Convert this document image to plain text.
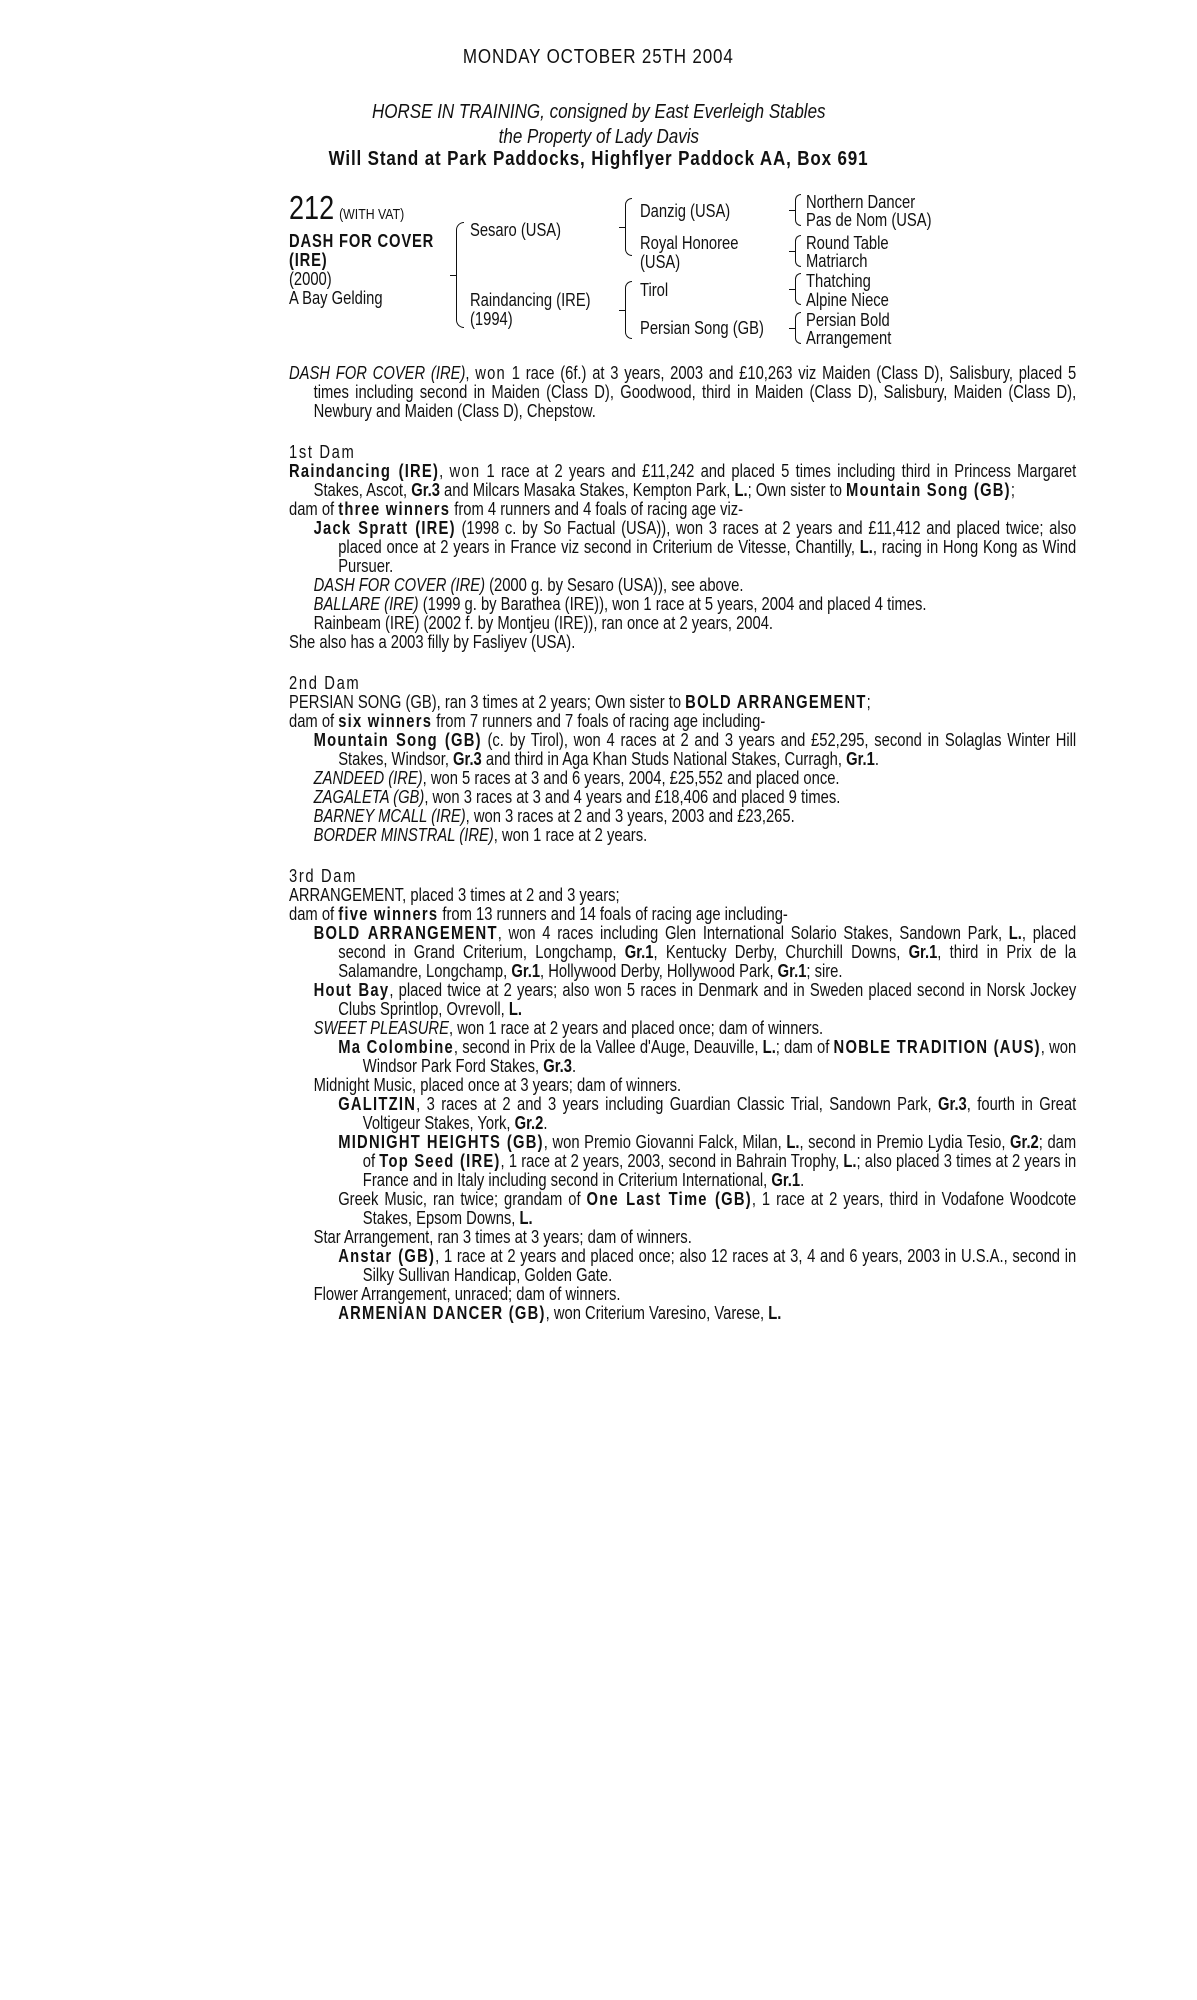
MONDAY OCTOBER 25TH 2004
HORSE IN TRAINING, consigned by East Everleigh Stables
the Property of Lady Davis
Will Stand at Park Paddocks, Highflyer Paddock AA, Box 691
212 (WITH VAT)
DASH FOR COVER
(IRE)
(2000)
A Bay Gelding
Sesaro (USA)
Raindancing (IRE)
(1994)
Danzig (USA)
Royal Honoree
(USA)
Tirol
Persian Song (GB)
Northern Dancer
Pas de Nom (USA)
Round Table
Matriarch
Thatching
Alpine Niece
Persian Bold
Arrangement

DASH FOR COVER (IRE), won 1 race (6f.) at 3 years, 2003 and £10,263 viz Maiden (Class D), Salisbury, placed 5 times including second in Maiden (Class D), Goodwood, third in Maiden (Class D), Salisbury, Maiden (Class D), Newbury and Maiden (Class D), Chepstow.

1st Dam

Raindancing (IRE), won 1 race at 2 years and £11,242 and placed 5 times including third in Princess Margaret Stakes, Ascot, Gr.3 and Milcars Masaka Stakes, Kempton Park, L.; Own sister to Mountain Song (GB);

dam of three winners from 4 runners and 4 foals of racing age viz-

Jack Spratt (IRE) (1998 c. by So Factual (USA)), won 3 races at 2 years and £11,412 and placed twice; also placed once at 2 years in France viz second in Criterium de Vitesse, Chantilly, L., racing in Hong Kong as Wind Pursuer.

DASH FOR COVER (IRE) (2000 g. by Sesaro (USA)), see above.

BALLARE (IRE) (1999 g. by Barathea (IRE)), won 1 race at 5 years, 2004 and placed 4 times.

Rainbeam (IRE) (2002 f. by Montjeu (IRE)), ran once at 2 years, 2004.

She also has a 2003 filly by Fasliyev (USA).

2nd Dam

PERSIAN SONG (GB), ran 3 times at 2 years; Own sister to BOLD ARRANGEMENT;

dam of six winners from 7 runners and 7 foals of racing age including-

Mountain Song (GB) (c. by Tirol), won 4 races at 2 and 3 years and £52,295, second in Solaglas Winter Hill Stakes, Windsor, Gr.3 and third in Aga Khan Studs National Stakes, Curragh, Gr.1.

ZANDEED (IRE), won 5 races at 3 and 6 years, 2004, £25,552 and placed once.

ZAGALETA (GB), won 3 races at 3 and 4 years and £18,406 and placed 9 times.

BARNEY MCALL (IRE), won 3 races at 2 and 3 years, 2003 and £23,265.

BORDER MINSTRAL (IRE), won 1 race at 2 years.

3rd Dam

ARRANGEMENT, placed 3 times at 2 and 3 years;

dam of five winners from 13 runners and 14 foals of racing age including-

BOLD ARRANGEMENT, won 4 races including Glen International Solario Stakes, Sandown Park, L., placed second in Grand Criterium, Longchamp, Gr.1, Kentucky Derby, Churchill Downs, Gr.1, third in Prix de la Salamandre, Longchamp, Gr.1, Hollywood Derby, Hollywood Park, Gr.1; sire.

Hout Bay, placed twice at 2 years; also won 5 races in Denmark and in Sweden placed second in Norsk Jockey Clubs Sprintlop, Ovrevoll, L.

SWEET PLEASURE, won 1 race at 2 years and placed once; dam of winners.

Ma Colombine, second in Prix de la Vallee d'Auge, Deauville, L.; dam of NOBLE TRADITION (AUS), won Windsor Park Ford Stakes, Gr.3.

Midnight Music, placed once at 3 years; dam of winners.

GALITZIN, 3 races at 2 and 3 years including Guardian Classic Trial, Sandown Park, Gr.3, fourth in Great Voltigeur Stakes, York, Gr.2.

MIDNIGHT HEIGHTS (GB), won Premio Giovanni Falck, Milan, L., second in Premio Lydia Tesio, Gr.2; dam of Top Seed (IRE), 1 race at 2 years, 2003, second in Bahrain Trophy, L.; also placed 3 times at 2 years in France and in Italy including second in Criterium International, Gr.1.

Greek Music, ran twice; grandam of One Last Time (GB), 1 race at 2 years, third in Vodafone Woodcote Stakes, Epsom Downs, L.

Star Arrangement, ran 3 times at 3 years; dam of winners.

Anstar (GB), 1 race at 2 years and placed once; also 12 races at 3, 4 and 6 years, 2003 in U.S.A., second in Silky Sullivan Handicap, Golden Gate.

Flower Arrangement, unraced; dam of winners.

ARMENIAN DANCER (GB), won Criterium Varesino, Varese, L.
